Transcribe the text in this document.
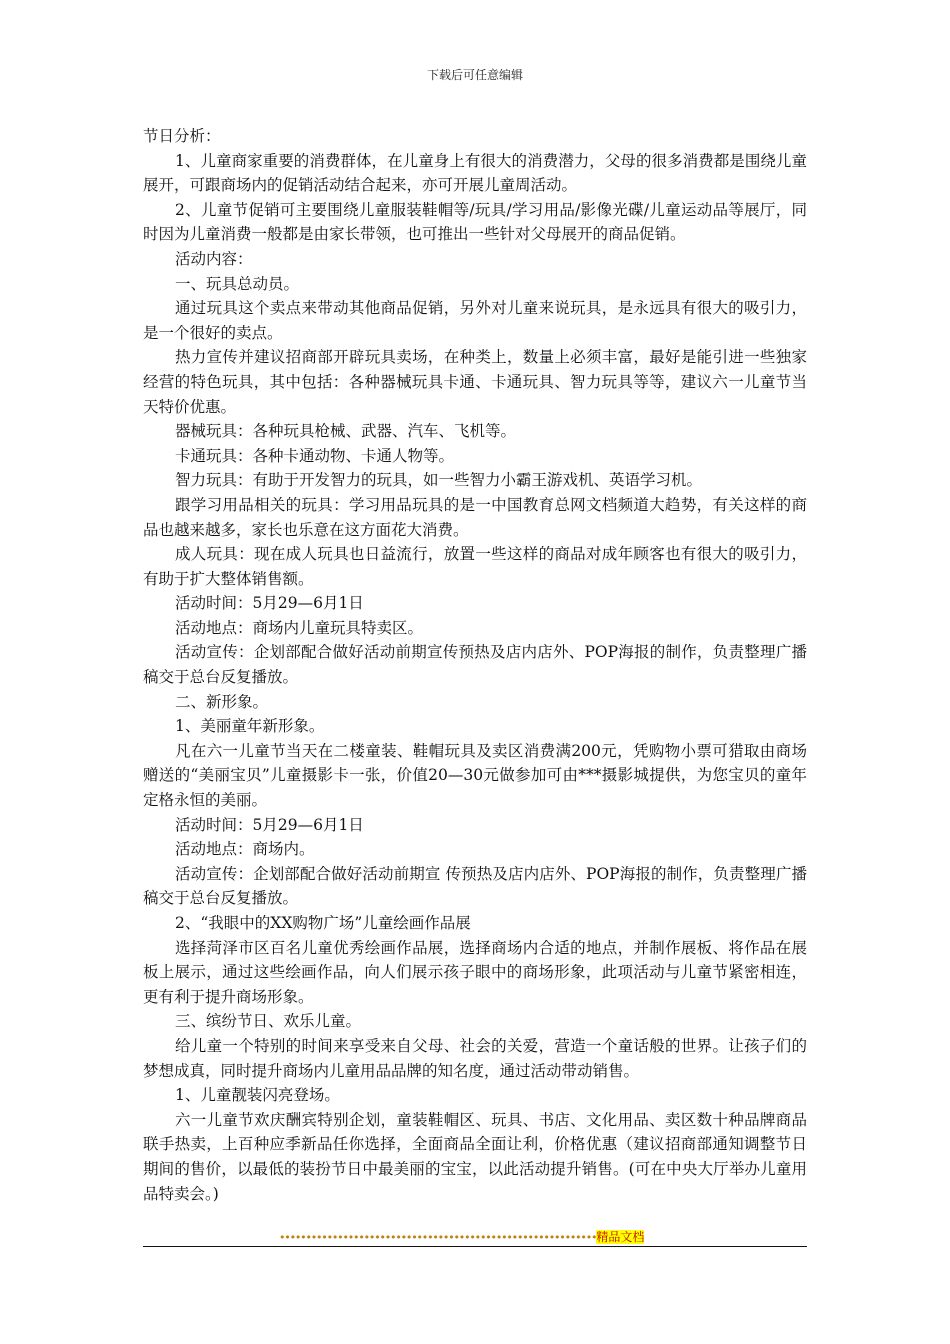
下载后可任意编辑

节日分析：

1、儿童商家重要的消费群体，在儿童身上有很大的消费潜力，父母的很多消费都是围绕儿童展开，可跟商场内的促销活动结合起来，亦可开展儿童周活动。

2、儿童节促销可主要围绕儿童服装鞋帽等/玩具/学习用品/影像光碟/儿童运动品等展厅，同时因为儿童消费一般都是由家长带领，也可推出一些针对父母展开的商品促销。

活动内容：

一、玩具总动员。

通过玩具这个卖点来带动其他商品促销，另外对儿童来说玩具，是永远具有很大的吸引力，是一个很好的卖点。

热力宣传并建议招商部开辟玩具卖场，在种类上，数量上必须丰富，最好是能引进一些独家经营的特色玩具，其中包括：各种器械玩具卡通、卡通玩具、智力玩具等等，建议六一儿童节当天特价优惠。

器械玩具：各种玩具枪械、武器、汽车、飞机等。

卡通玩具：各种卡通动物、卡通人物等。

智力玩具：有助于开发智力的玩具，如一些智力小霸王游戏机、英语学习机。

跟学习用品相关的玩具：学习用品玩具的是一中国教育总网文档频道大趋势，有关这样的商品也越来越多，家长也乐意在这方面花大消费。

成人玩具：现在成人玩具也日益流行，放置一些这样的商品对成年顾客也有很大的吸引力，有助于扩大整体销售额。

活动时间：5月29—6月1日

活动地点：商场内儿童玩具特卖区。

活动宣传：企划部配合做好活动前期宣传预热及店内店外、POP海报的制作，负责整理广播稿交于总台反复播放。

二、新形象。

1、美丽童年新形象。

凡在六一儿童节当天在二楼童装、鞋帽玩具及卖区消费满200元，凭购物小票可猎取由商场赠送的“美丽宝贝”儿童摄影卡一张，价值20—30元做参加可由***摄影城提供，为您宝贝的童年定格永恒的美丽。

活动时间：5月29—6月1日

活动地点：商场内。

活动宣传：企划部配合做好活动前期宣 传预热及店内店外、POP海报的制作，负责整理广播稿交于总台反复播放。

2、“我眼中的XX购物广场”儿童绘画作品展

选择菏泽市区百名儿童优秀绘画作品展，选择商场内合适的地点，并制作展板、将作品在展板上展示，通过这些绘画作品，向人们展示孩子眼中的商场形象，此项活动与儿童节紧密相连，更有利于提升商场形象。

三、缤纷节日、欢乐儿童。

给儿童一个特别的时间来享受来自父母、社会的关爱，营造一个童话般的世界。让孩子们的梦想成真，同时提升商场内儿童用品品牌的知名度，通过活动带动销售。

1、儿童靓装闪亮登场。

六一儿童节欢庆酬宾特别企划，童装鞋帽区、玩具、书店、文化用品、卖区数十种品牌商品联手热卖，上百种应季新品任你选择，全面商品全面让利，价格优惠（建议招商部通知调整节日期间的售价，以最低的装扮节日中最美丽的宝宝，以此活动提升销售。(可在中央大厅举办儿童用品特卖会。)

••••••••••••••••••••••••••••••••••••••••••••••••••••••••••••精品文档
